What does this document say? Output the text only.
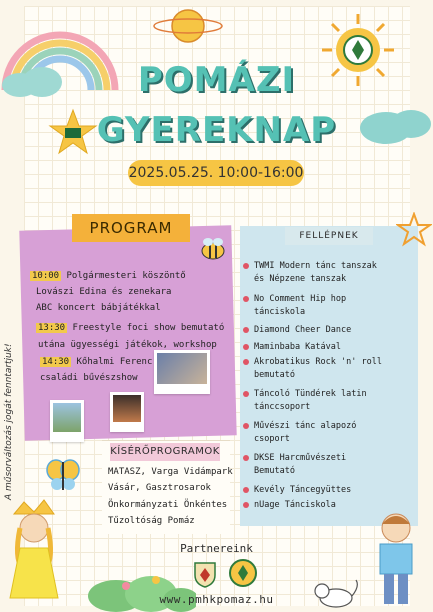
POMÁZI
GYEREKNAP
2025.05.25. 10:00-16:00
A műsorváltozás jogát fenntartjuk!
PROGRAM
10:00 Polgármesteri köszöntő
Lovászi Edina és zenekara
ABC koncert bábjátékkal
13:30 Freestyle foci show bemutató
utána ügyességi játékok, workshop
14:30 Kőhalmi Ferenc
családi bűvészshow
KÍSÉRŐPROGRAMOK
MATASZ, Varga Vidámpark
Vásár, Gasztrosarok
Önkormányzati Önkéntes
Tűzoltóság Pomáz
FELLÉPNEK
TWMI Modern tánc tanszak
és Népzene tanszak
No Comment Hip hop
tánciskola
Diamond Cheer Dance
Maminbaba Katával
Akrobatikus Rock 'n' roll
bemutató
Táncoló Tündérek latin
tánccsoport
Művészi tánc alapozó
csoport
DKSE Harcművészeti
Bemutató
Kevély Táncegyüttes
nUage Tánciskola
Partnereink
www.pmhkpomaz.hu
